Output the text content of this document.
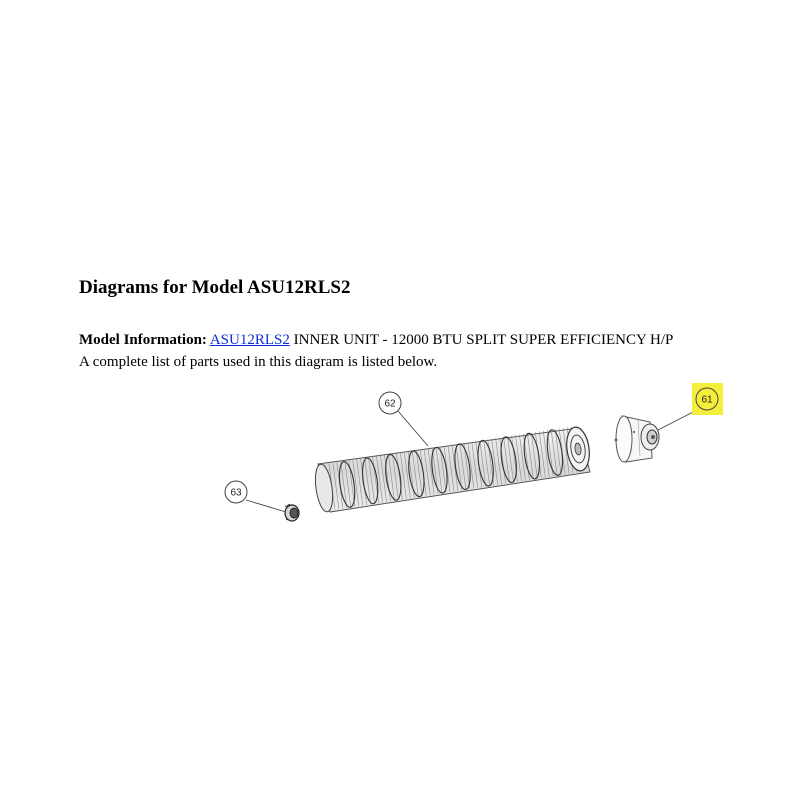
Diagrams for Model ASU12RLS2
Model Information: ASU12RLS2 INNER UNIT - 12000 BTU SPLIT SUPER EFFICIENCY H/P
A complete list of parts used in this diagram is listed below.
62	61
63
